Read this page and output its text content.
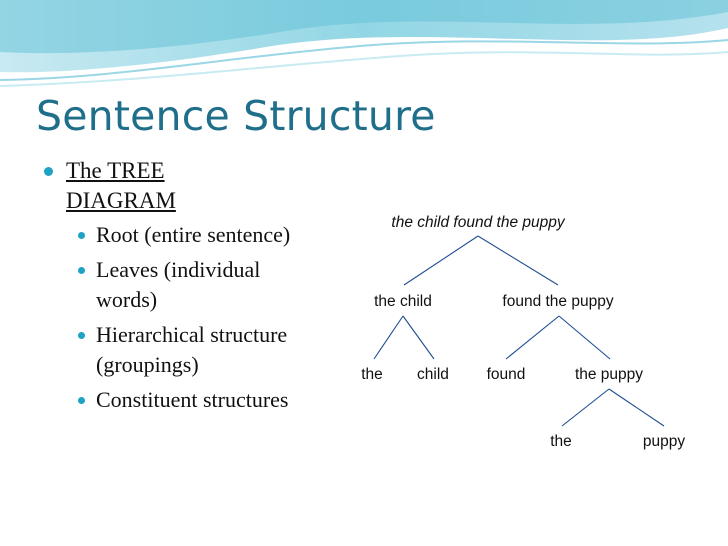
Sentence Structure
The TREE DIAGRAM
Root (entire sentence)
Leaves (individual words)
Hierarchical structure (groupings)
Constituent structures
the child found the puppy
the child	found the puppy
the child found	the puppy
the	puppy
